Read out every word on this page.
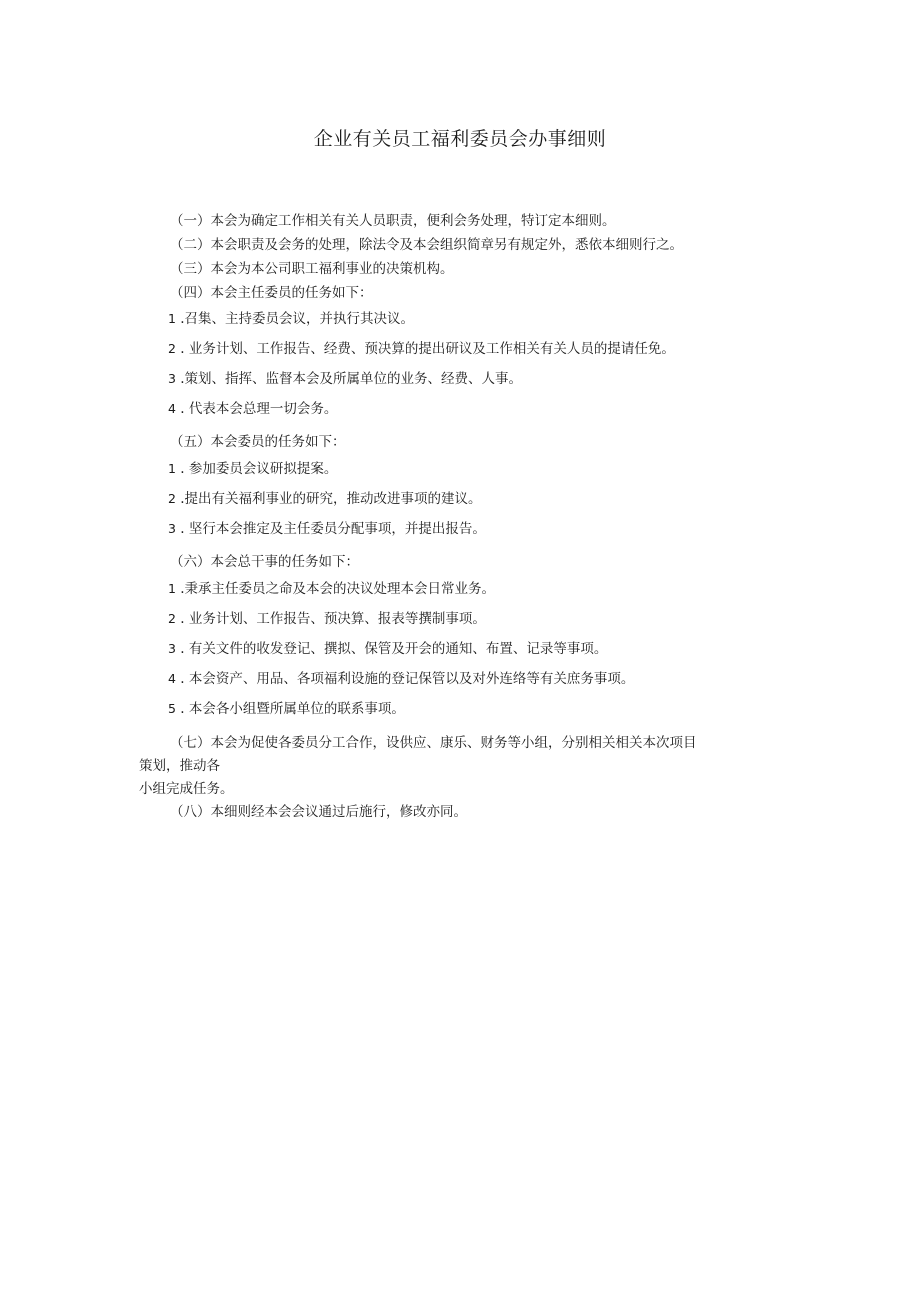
企业有关员工福利委员会办事细则

（一）本会为确定工作相关有关人员职责，便利会务处理，特订定本细则。

（二）本会职责及会务的处理，除法令及本会组织简章另有规定外，悉依本细则行之。

（三）本会为本公司职工福利事业的决策机构。

（四）本会主任委员的任务如下：

1 .召集、主持委员会议，并执行其决议。

2 . 业务计划、工作报告、经费、预决算的提出研议及工作相关有关人员的提请任免。

3 .策划、指挥、监督本会及所属单位的业务、经费、人事。

4 . 代表本会总理一切会务。

（五）本会委员的任务如下：

1 . 参加委员会议研拟提案。

2 .提出有关福利事业的研究，推动改进事项的建议。

3 . 坚行本会推定及主任委员分配事项，并提出报告。

（六）本会总干事的任务如下：

1 .秉承主任委员之命及本会的决议处理本会日常业务。

2 . 业务计划、工作报告、预决算、报表等撰制事项。

3 . 有关文件的收发登记、撰拟、保管及开会的通知、布置、记录等事项。

4 . 本会资产、用品、各项福利设施的登记保管以及对外连络等有关庶务事项。

5 . 本会各小组暨所属单位的联系事项。

（七）本会为促使各委员分工合作，设供应、康乐、财务等小组，分别相关相关本次项目

策划，推动各

小组完成任务。

（八）本细则经本会会议通过后施行，修改亦同。
